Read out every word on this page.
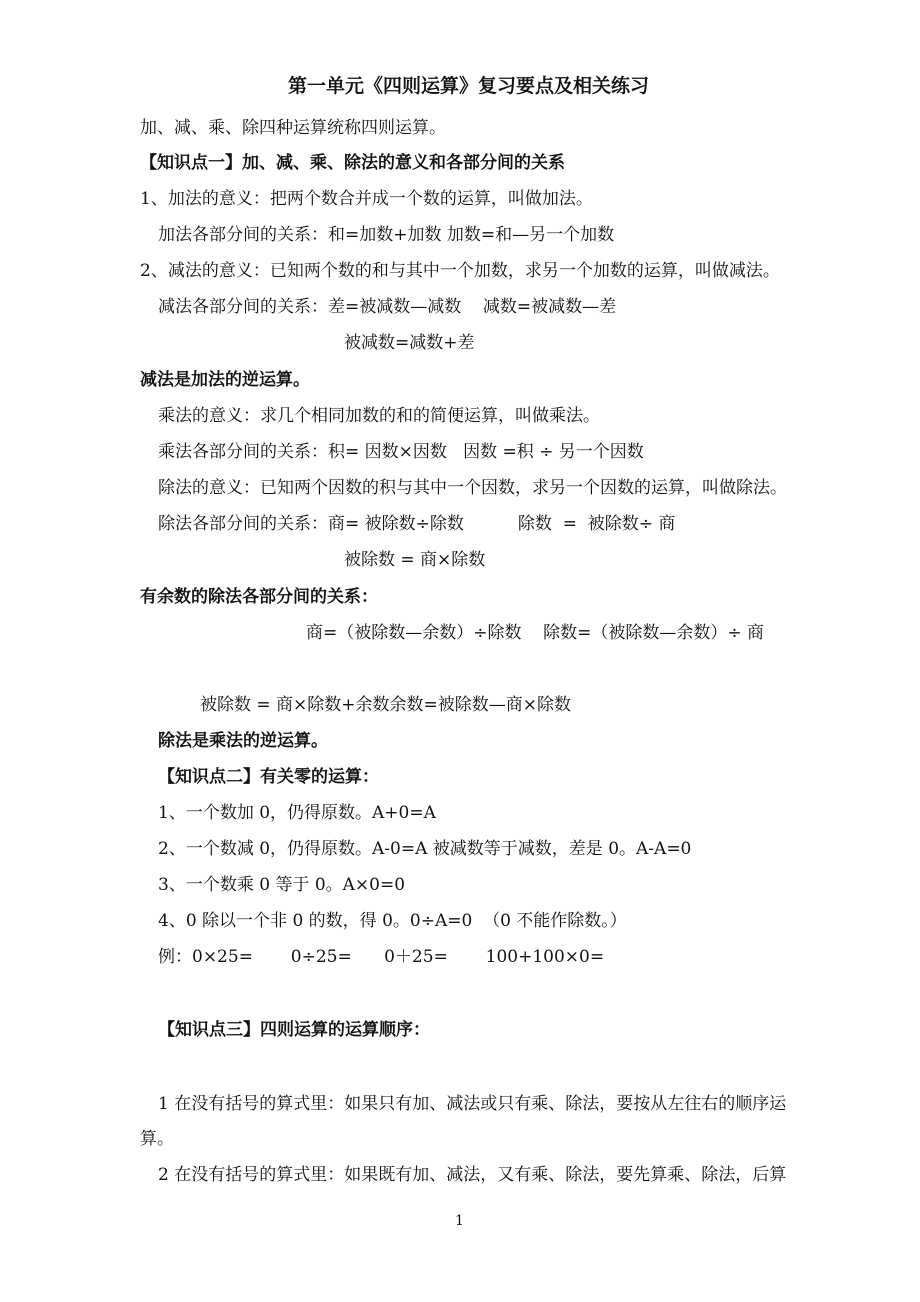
第一单元《四则运算》复习要点及相关练习
加、减、乘、除四种运算统称四则运算。
【知识点一】加、减、乘、除法的意义和各部分间的关系
1、加法的意义：把两个数合并成一个数的运算，叫做加法。
加法各部分间的关系：和=加数+加数 加数=和—另一个加数
2、减法的意义：已知两个数的和与其中一个加数，求另一个加数的运算，叫做减法。
减法各部分间的关系：差=被减数—减数    减数=被减数—差
被减数=减数+差
减法是加法的逆运算。
乘法的意义：求几个相同加数的和的简便运算，叫做乘法。
乘法各部分间的关系：积= 因数×因数   因数 =积 ÷ 另一个因数
除法的意义：已知两个因数的积与其中一个因数，求另一个因数的运算，叫做除法。
除法各部分间的关系：商= 被除数÷除数          除数  =  被除数÷ 商
被除数 = 商×除数
有余数的除法各部分间的关系：
商=（被除数—余数）÷除数    除数=（被除数—余数）÷ 商
被除数 = 商×除数+余数余数=被除数—商×除数
除法是乘法的逆运算。
【知识点二】有关零的运算：
1、一个数加 0，仍得原数。A+0=A
2、一个数减 0，仍得原数。A-0=A 被减数等于减数，差是 0。A-A=0
3、一个数乘 0 等于 0。A×0=0
4、0 除以一个非 0 的数，得 0。0÷A=0  （0 不能作除数。）
例：0×25=       0÷25=      0＋25=       100+100×0=
【知识点三】四则运算的运算顺序：
1 在没有括号的算式里：如果只有加、减法或只有乘、除法，要按从左往右的顺序运
算。
2 在没有括号的算式里：如果既有加、减法，又有乘、除法，要先算乘、除法，后算
1
